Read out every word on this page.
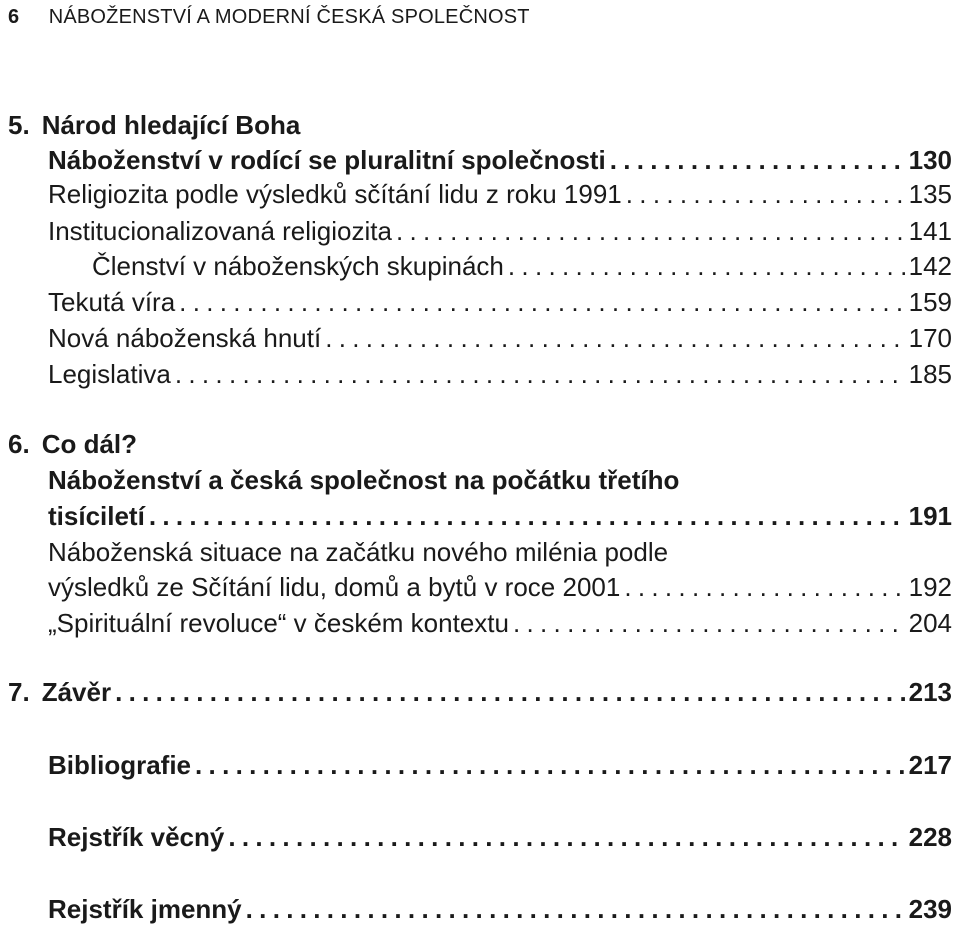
6 NÁBOŽENSTVÍ A MODERNÍ ČESKÁ SPOLEČNOST
5. Národ hledající Boha
Náboženství v rodící se pluralitní společnosti .....	130
Religiozita podle výsledků sčítání lidu z roku 1991 .....	135
Institucionalizovaná religiozita .....	141
Členství v náboženských skupinách .....	142
Tekutá víra .....	159
Nová náboženská hnutí .....	170
Legislativa .....	185
6. Co dál?
Náboženství a česká společnost na počátku třetího
tisíciletí .....	191
Náboženská situace na začátku nového milénia podle
výsledků ze Sčítání lidu, domů a bytů v roce 2001 .....	192
„Spirituální revoluce“ v českém kontextu .....	204
7. Závěr .....	213
Bibliografie .....	217
Rejstřík věcný .....	228
Rejstřík jmenný .....	239
